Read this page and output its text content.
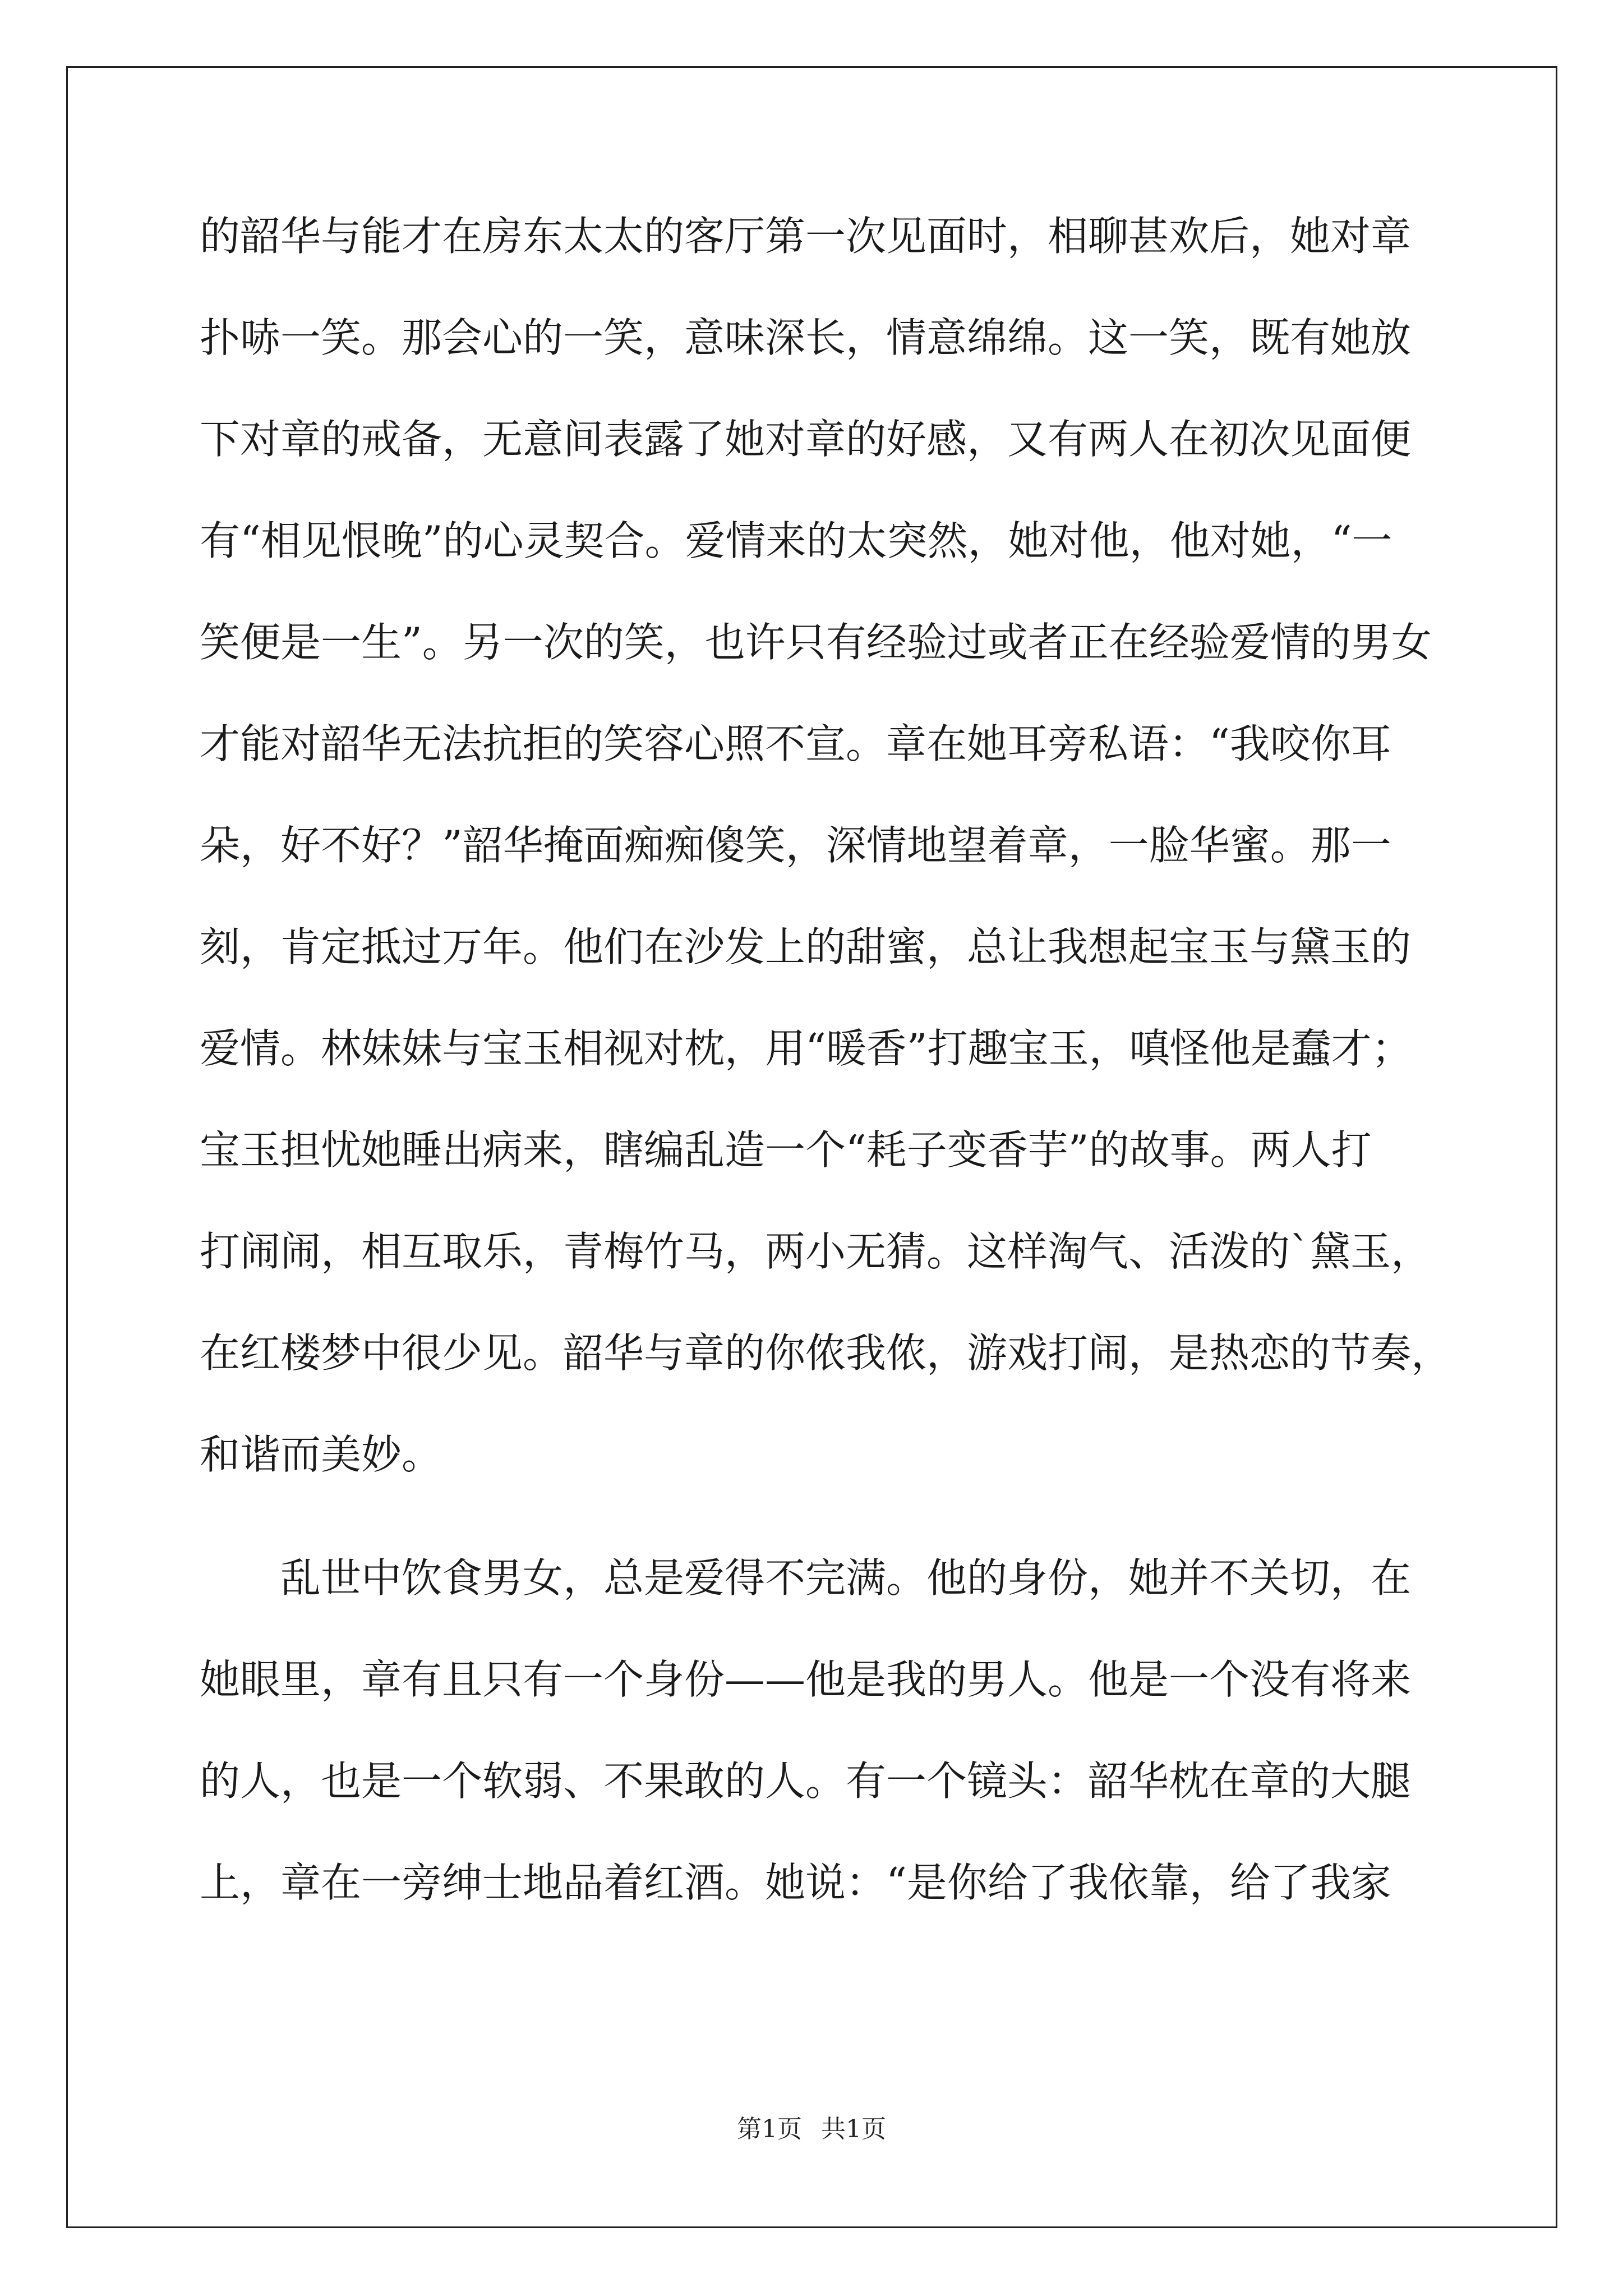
的韶华与能才在房东太太的客厅第一次见面时，相聊甚欢后，她对章
扑哧一笑。那会心的一笑，意味深长，情意绵绵。这一笑，既有她放
下对章的戒备，无意间表露了她对章的好感，又有两人在初次见面便
有“相见恨晚”的心灵契合。爱情来的太突然，她对他，他对她，“一
笑便是一生”。另一次的笑，也许只有经验过或者正在经验爱情的男女
才能对韶华无法抗拒的笑容心照不宣。章在她耳旁私语：“我咬你耳
朵，好不好？”韶华掩面痴痴傻笑，深情地望着章，一脸华蜜。那一
刻，肯定抵过万年。他们在沙发上的甜蜜，总让我想起宝玉与黛玉的
爱情。林妹妹与宝玉相视对枕，用“暖香”打趣宝玉，嗔怪他是蠢才；
宝玉担忧她睡出病来，瞎编乱造一个“耗子变香芋”的故事。两人打
打闹闹，相互取乐，青梅竹马，两小无猜。这样淘气、活泼的`黛玉，
在红楼梦中很少见。韶华与章的你侬我侬，游戏打闹，是热恋的节奏，
和谐而美妙。
乱世中饮食男女，总是爱得不完满。他的身份，她并不关切，在
她眼里，章有且只有一个身份——他是我的男人。他是一个没有将来
的人，也是一个软弱、不果敢的人。有一个镜头：韶华枕在章的大腿
上，章在一旁绅士地品着红酒。她说：“是你给了我依靠，给了我家
第1页 共1页
